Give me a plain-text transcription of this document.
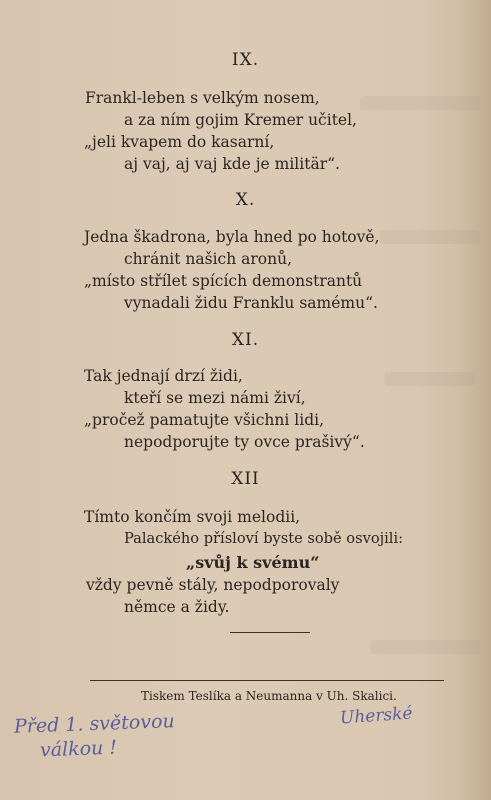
IX.
Frankl-leben s velkým nosem,
a za ním gojim Kremer učitel,
„jeli kvapem do kasarní,
aj vaj, aj vaj kde je militär“.
X.
Jedna škadrona, byla hned po hotově,
chránit našich aronů,
„místo střílet spících demonstrantů
vynadali židu Franklu samému“.
XI.
Tak jednají drzí židi,
kteří se mezi námi živí,
„pročež pamatujte všichni lidi,
nepodporujte ty ovce prašivý“.
XII
Tímto končím svoji melodii,
Palackého přísloví byste sobě osvojili:
„svůj k svému“
vždy pevně stály, nepodporovaly
němce a židy.
Tiskem Teslíka a Neumanna v Uh. Skalici.
Před 1. světovou
válkou !
Uherské
